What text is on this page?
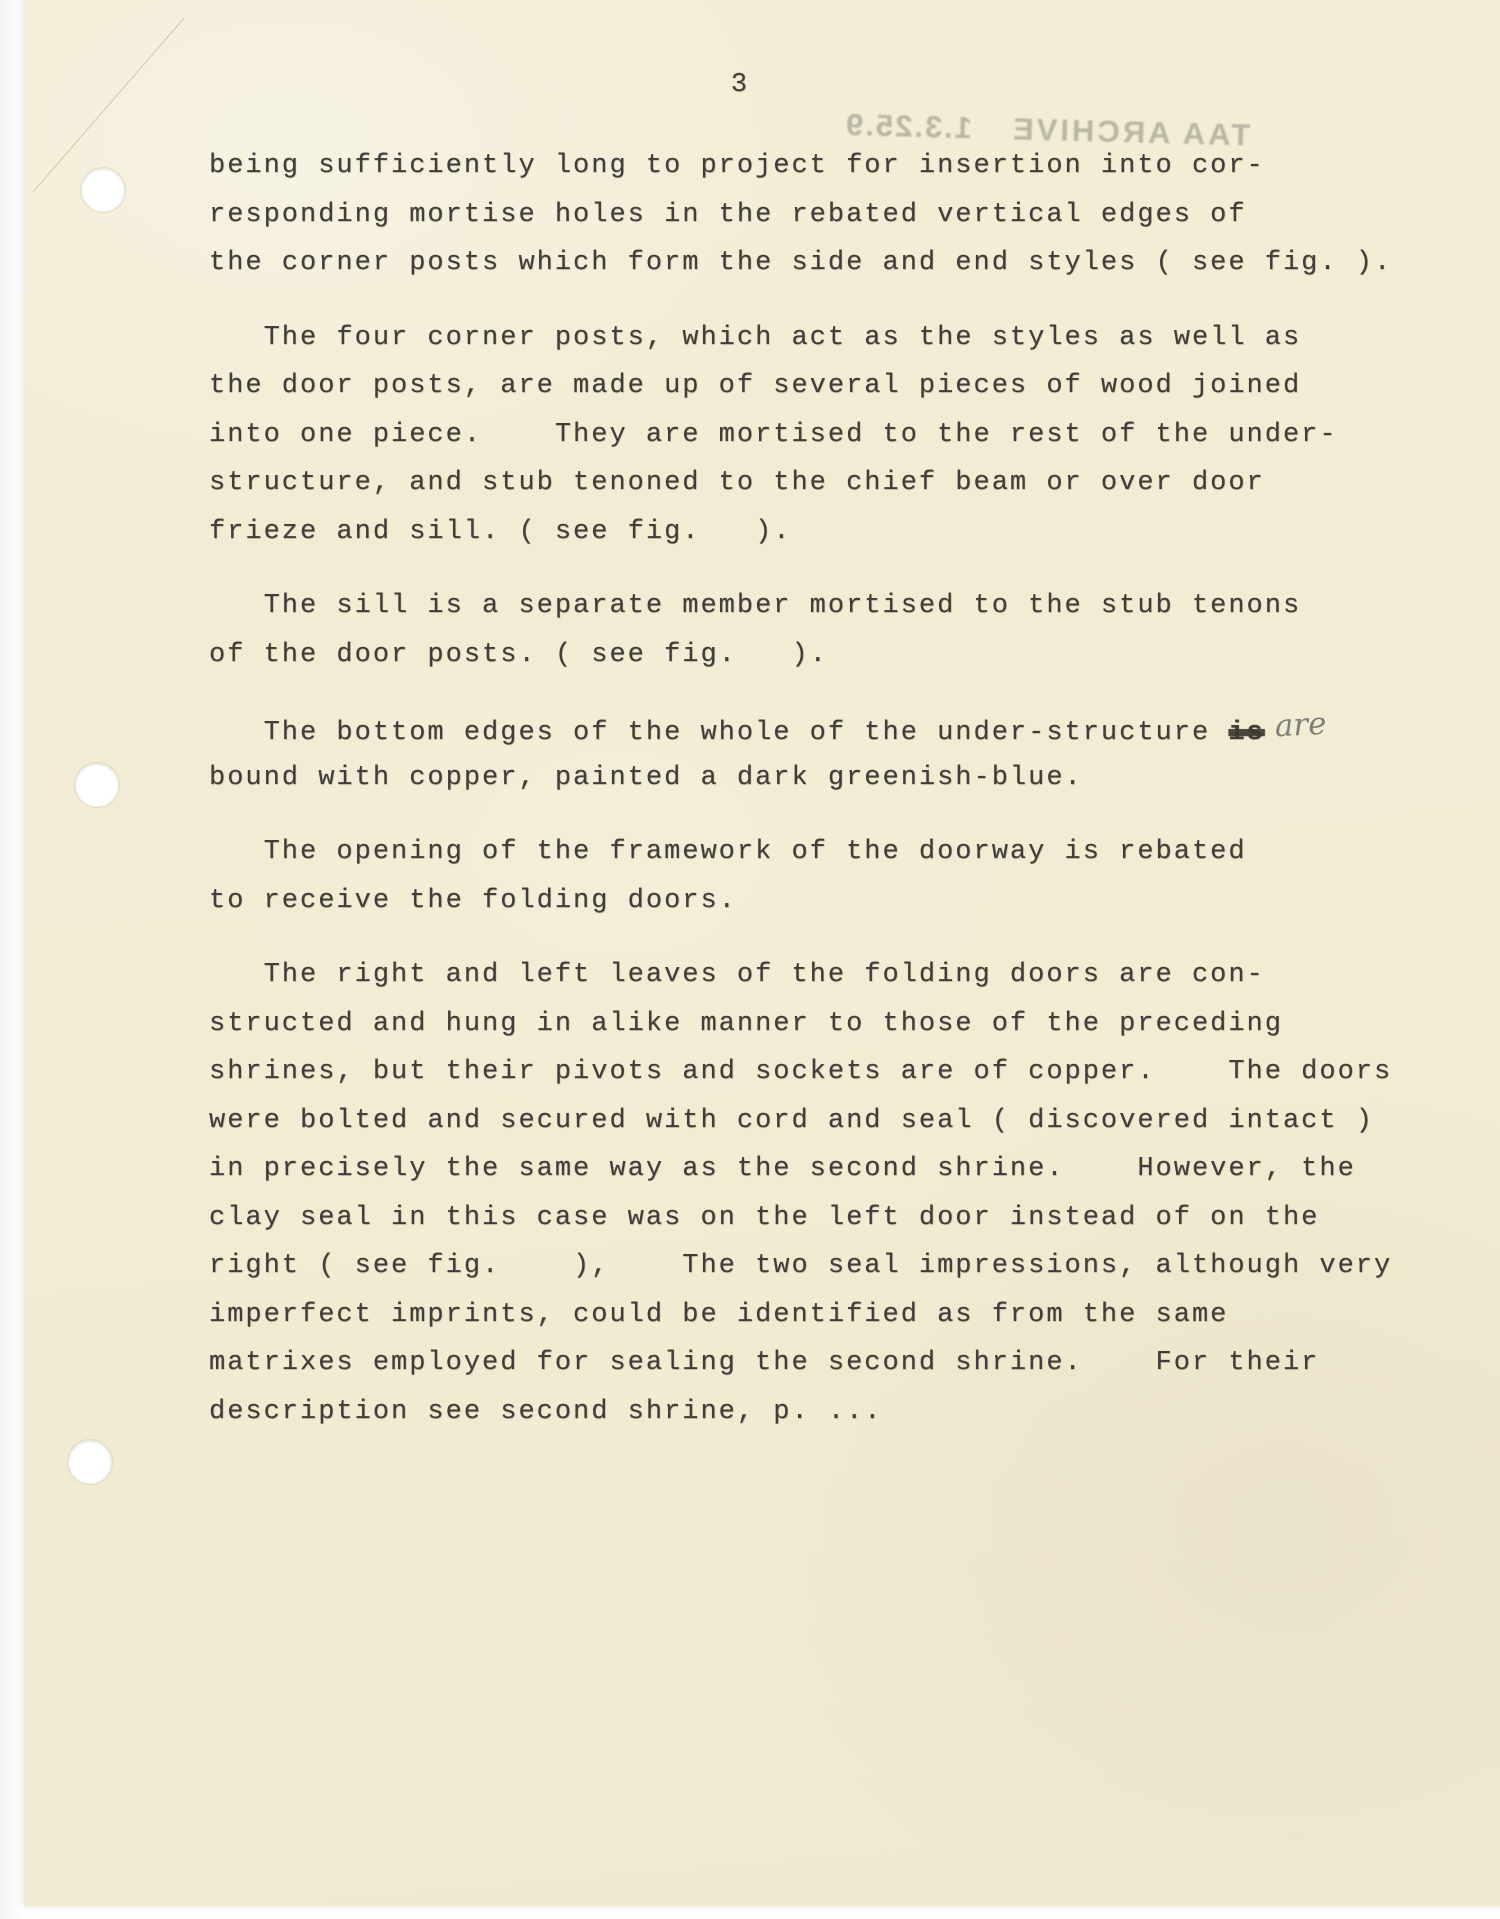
3
TAA ARCHIVE
1.3.25.9
being sufficiently long to project for insertion into cor-
responding mortise holes in the rebated vertical edges of
the corner posts which form the side and end styles ( see fig. ).
The four corner posts, which act as the styles as well as
the door posts, are made up of several pieces of wood joined
into one piece.    They are mortised to the rest of the under-
structure, and stub tenoned to the chief beam or over door
frieze and sill. ( see fig.   ).
The sill is a separate member mortised to the stub tenons
of the door posts. ( see fig.   ).
The bottom edges of the whole of the under-structure is are
bound with copper, painted a dark greenish-blue.
The opening of the framework of the doorway is rebated
to receive the folding doors.
The right and left leaves of the folding doors are con-
structed and hung in alike manner to those of the preceding
shrines, but their pivots and sockets are of copper.    The doors
were bolted and secured with cord and seal ( discovered intact )
in precisely the same way as the second shrine.    However, the
clay seal in this case was on the left door instead of on the
right ( see fig.    ),    The two seal impressions, although very
imperfect imprints, could be identified as from the same
matrixes employed for sealing the second shrine.    For their
description see second shrine, p. ...
